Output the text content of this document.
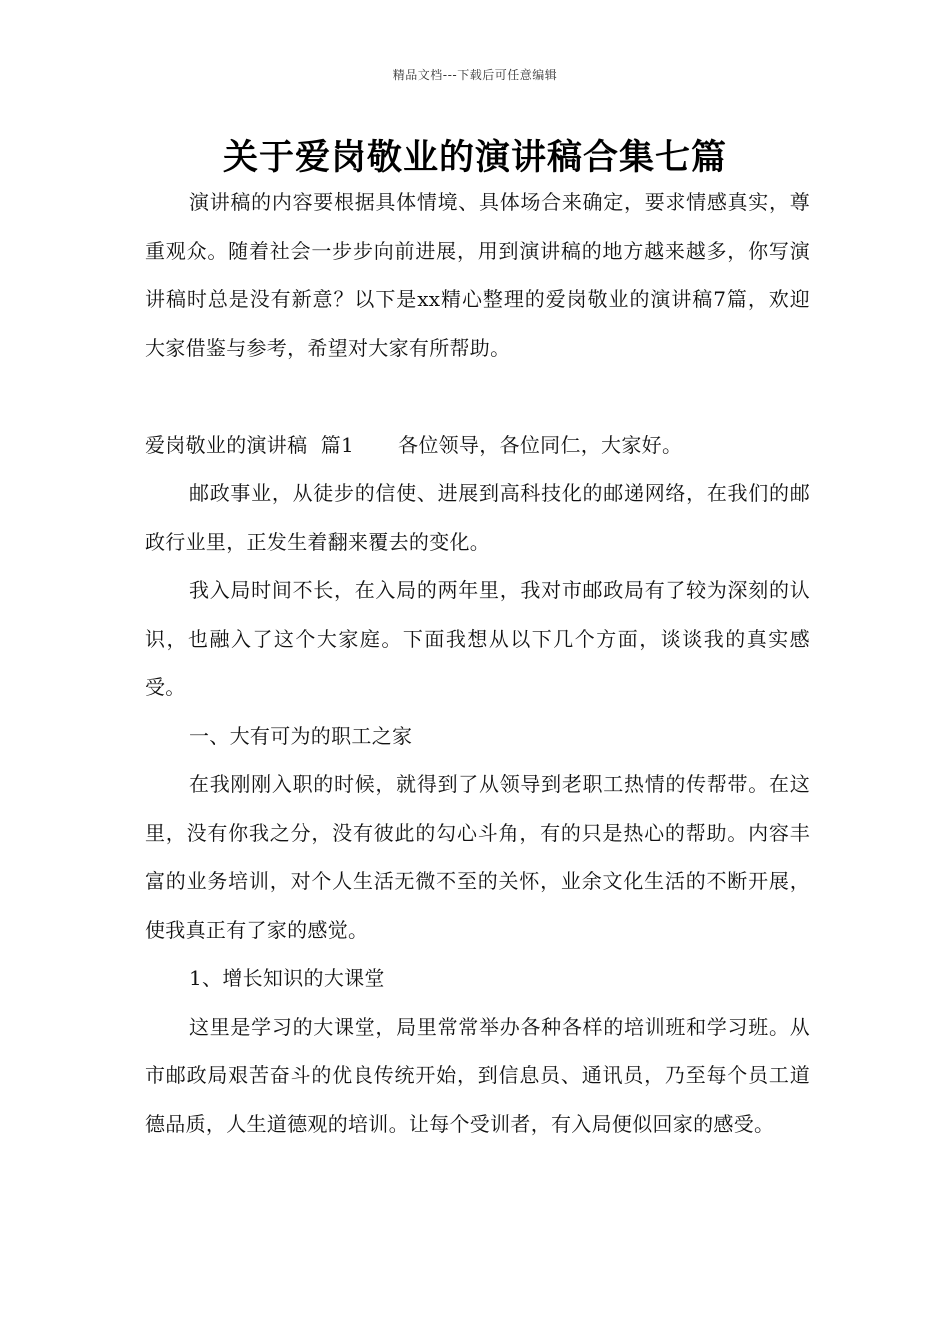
精品文档---下载后可任意编辑
关于爱岗敬业的演讲稿合集七篇

演讲稿的内容要根据具体情境、具体场合来确定，要求情感真实，尊重观众。随着社会一步步向前进展，用到演讲稿的地方越来越多，你写演讲稿时总是没有新意？以下是xx精心整理的爱岗敬业的演讲稿7篇，欢迎大家借鉴与参考，希望对大家有所帮助。

爱岗敬业的演讲稿  篇1 各位领导，各位同仁，大家好。

邮政事业，从徒步的信使、进展到高科技化的邮递网络，在我们的邮政行业里，正发生着翻来覆去的变化。

我入局时间不长，在入局的两年里，我对市邮政局有了较为深刻的认识，也融入了这个大家庭。下面我想从以下几个方面，谈谈我的真实感受。

一、大有可为的职工之家

在我刚刚入职的时候，就得到了从领导到老职工热情的传帮带。在这里，没有你我之分，没有彼此的勾心斗角，有的只是热心的帮助。内容丰富的业务培训，对个人生活无微不至的关怀，业余文化生活的不断开展，使我真正有了家的感觉。

1、增长知识的大课堂

这里是学习的大课堂，局里常常举办各种各样的培训班和学习班。从市邮政局艰苦奋斗的优良传统开始，到信息员、通讯员，乃至每个员工道德品质，人生道德观的培训。让每个受训者，有入局便似回家的感受。
